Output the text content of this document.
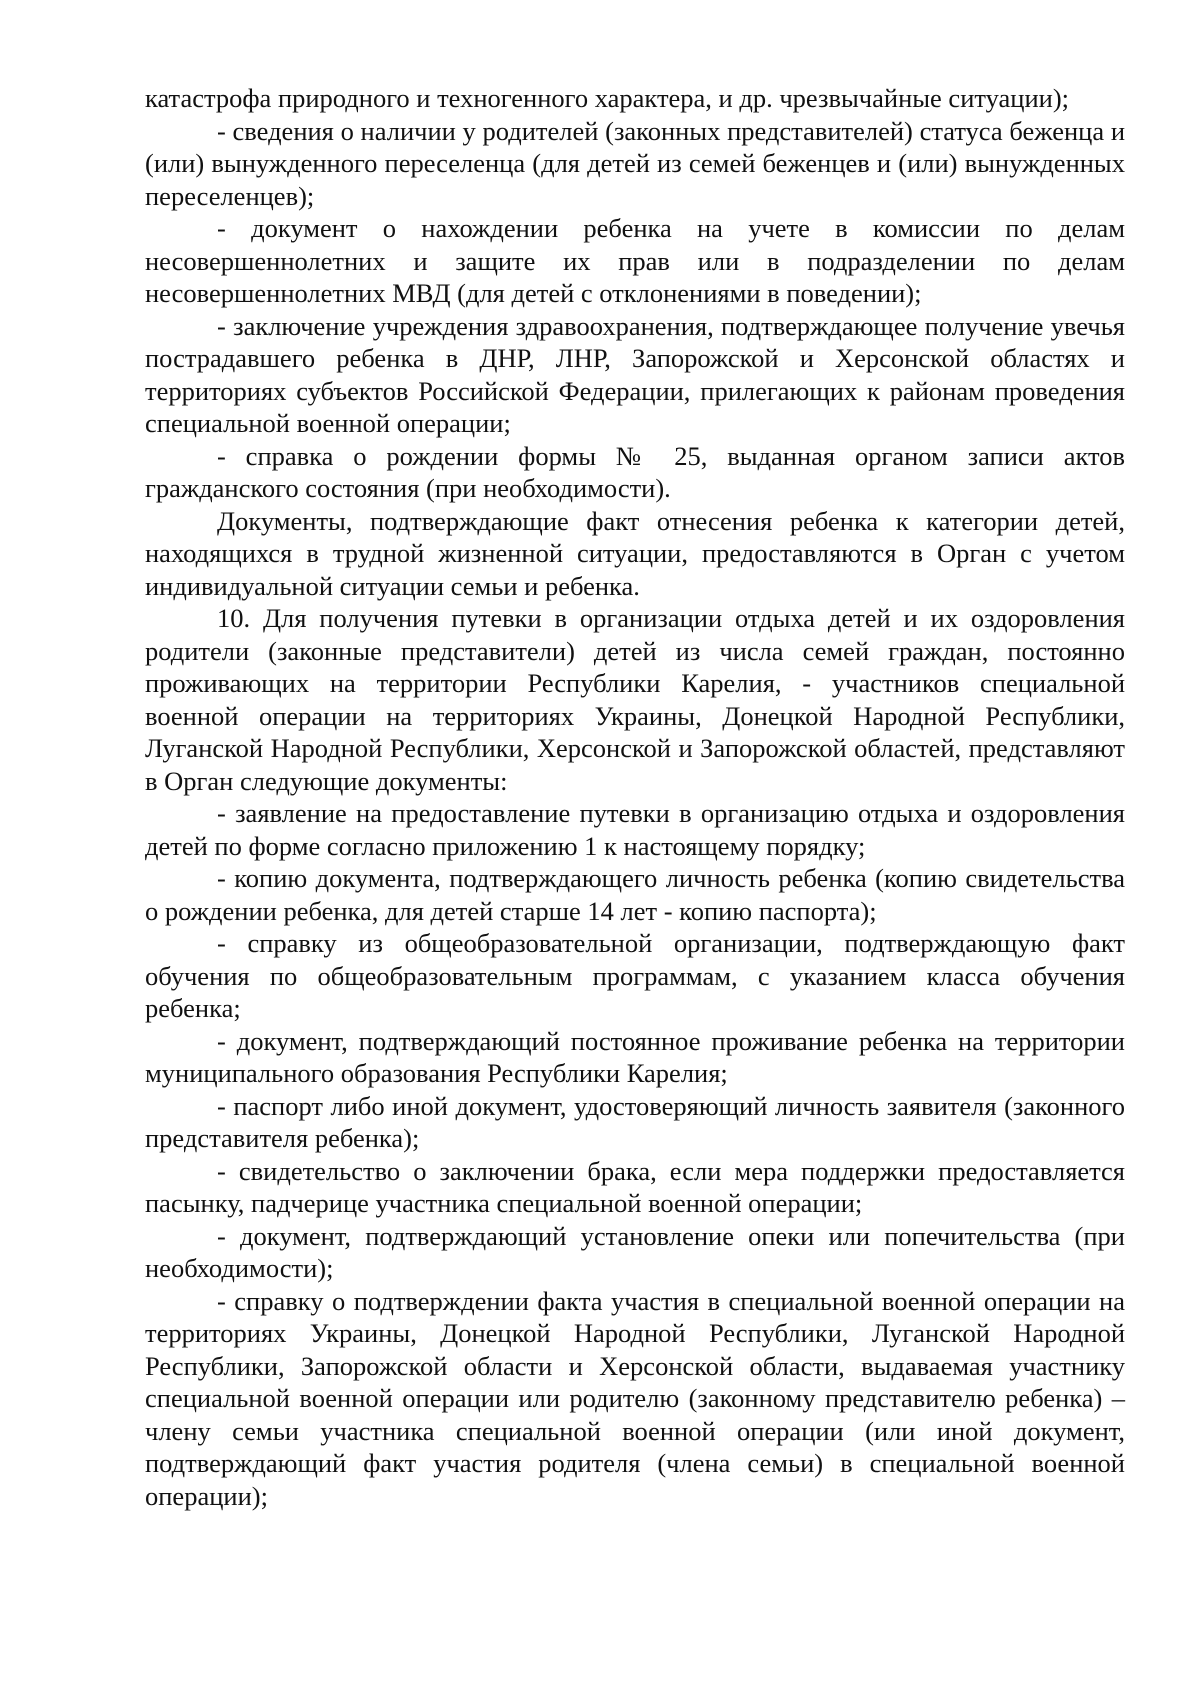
катастрофа природного и техногенного характера, и др. чрезвычайные ситуации);

- сведения о наличии у родителей (законных представителей) статуса беженца и (или) вынужденного переселенца (для детей из семей беженцев и (или) вынужденных переселенцев);

- документ о нахождении ребенка на учете в комиссии по делам несовершеннолетних и защите их прав или в подразделении по делам несовершеннолетних МВД (для детей с отклонениями в поведении);

- заключение учреждения здравоохранения, подтверждающее получение увечья пострадавшего ребенка в ДНР, ЛНР, Запорожской и Херсонской областях и территориях субъектов Российской Федерации, прилегающих к районам проведения специальной военной операции;

- справка о рождении формы № 25, выданная органом записи актов гражданского состояния (при необходимости).

Документы, подтверждающие факт отнесения ребенка к категории детей, находящихся в трудной жизненной ситуации, предоставляются в Орган с учетом индивидуальной ситуации семьи и ребенка.

10. Для получения путевки в организации отдыха детей и их оздоровления родители (законные представители) детей из числа семей граждан, постоянно проживающих на территории Республики Карелия, - участников специальной военной операции на территориях Украины, Донецкой Народной Республики, Луганской Народной Республики, Херсонской и Запорожской областей, представляют в Орган следующие документы:

- заявление на предоставление путевки в организацию отдыха и оздоровления детей по форме согласно приложению 1 к настоящему порядку;

- копию документа, подтверждающего личность ребенка (копию свидетельства о рождении ребенка, для детей старше 14 лет - копию паспорта);

- справку из общеобразовательной организации, подтверждающую факт обучения по общеобразовательным программам, с указанием класса обучения ребенка;

- документ, подтверждающий постоянное проживание ребенка на территории муниципального образования Республики Карелия;

- паспорт либо иной документ, удостоверяющий личность заявителя (законного представителя ребенка);

- свидетельство о заключении брака, если мера поддержки предоставляется пасынку, падчерице участника специальной военной операции;

- документ, подтверждающий установление опеки или попечительства (при необходимости);

- справку о подтверждении факта участия в специальной военной операции на территориях Украины, Донецкой Народной Республики, Луганской Народной Республики, Запорожской области и Херсонской области, выдаваемая участнику специальной военной операции или родителю (законному представителю ребенка) – члену семьи участника специальной военной операции (или иной документ, подтверждающий факт участия родителя (члена семьи) в специальной военной операции);
